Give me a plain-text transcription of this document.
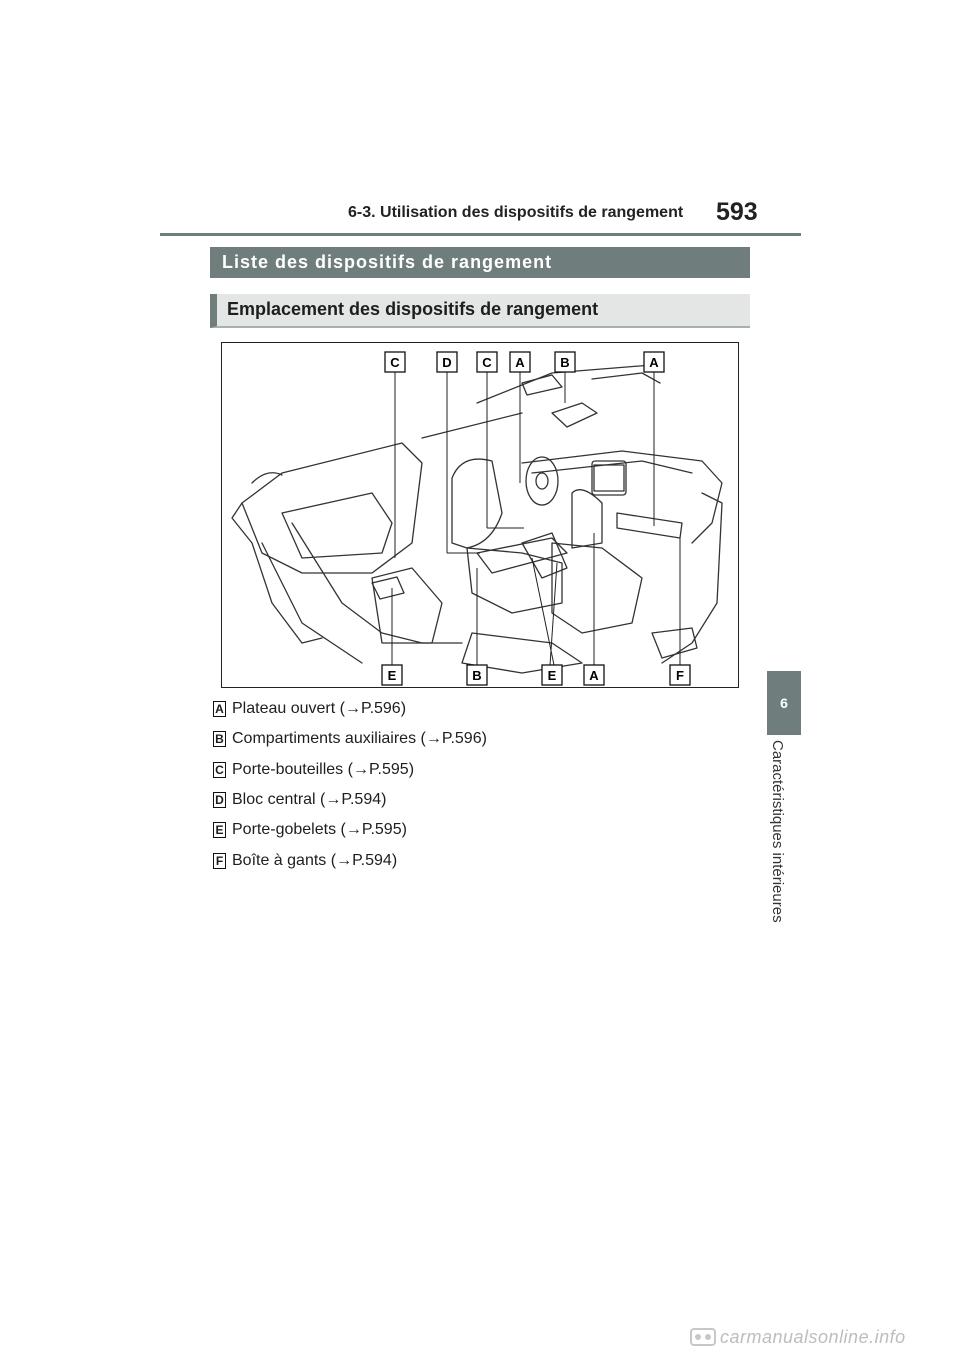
6-3. Utilisation des dispositifs de rangement 593
6
Caractéristiques intérieures
Liste des dispositifs de rangement
Emplacement des dispositifs de rangement
C	D C A	B	A
E	B	E	A	F
A Plateau ouvert (→P.596)
B Compartiments auxiliaires (→P.596)
C Porte-bouteilles (→P.595)
D Bloc central (→P.594)
E Porte-gobelets (→P.595)
F Boîte à gants (→P.594)
carmanualsonline.info
